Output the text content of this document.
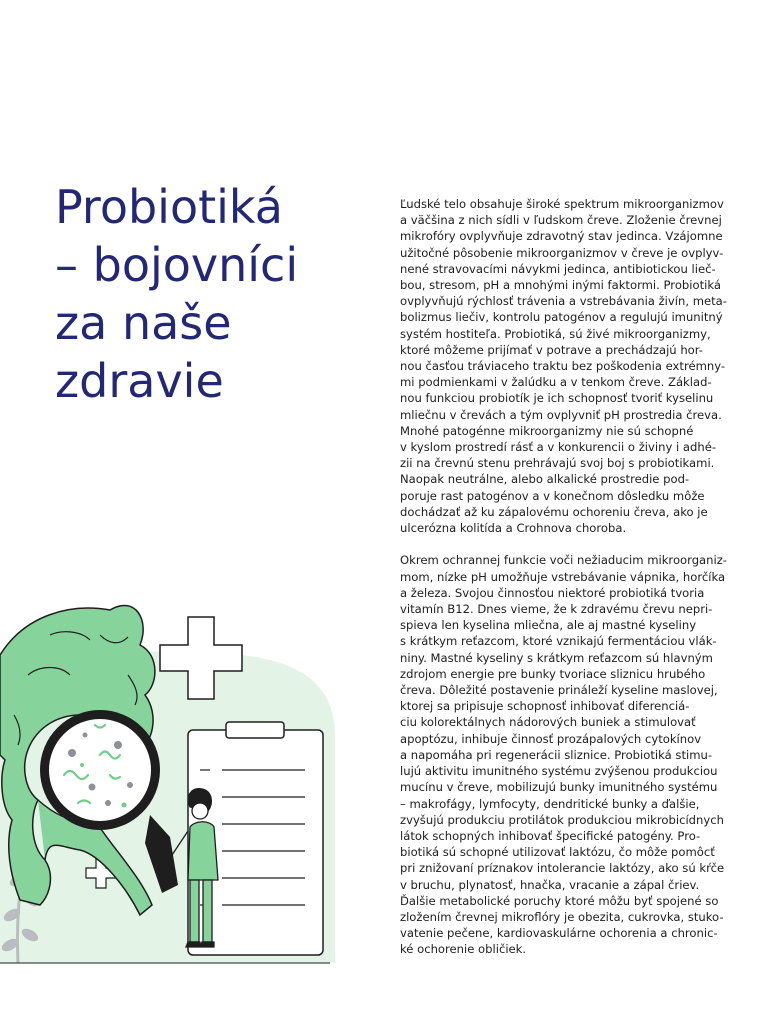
Probiotiká
– bojovníci
za naše
zdravie
Ľudské telo obsahuje široké spektrum mikroorganizmov
a väčšina z nich sídli v ľudskom čreve. Zloženie črevnej
mikrofóry ovplyvňuje zdravotný stav jedinca. Vzájomne
užitočné pôsobenie mikroorganizmov v čreve je ovplyv-
nené stravovacími návykmi jedinca, antibiotickou lieč-
bou, stresom, pH a mnohými inými faktormi. Probiotiká
ovplyvňujú rýchlosť trávenia a vstrebávania živín, meta-
bolizmus liečiv, kontrolu patogénov a regulujú imunitný
systém hostiteľa. Probiotiká, sú živé mikroorganizmy,
ktoré môžeme prijímať v potrave a prechádzajú hor-
nou časťou tráviaceho traktu bez poškodenia extrémny-
mi podmienkami v žalúdku a v tenkom čreve. Základ-
nou funkciou probiotík je ich schopnosť tvoriť kyselinu
mliečnu v črevách a tým ovplyvniť pH prostredia čreva.
Mnohé patogénne mikroorganizmy nie sú schopné
v kyslom prostredí rásť a v konkurencii o živiny i adhé-
zii na črevnú stenu prehrávajú svoj boj s probiotikami.
Naopak neutrálne, alebo alkalické prostredie pod-
poruje rast patogénov a v konečnom dôsledku môže
dochádzať až ku zápalovému ochoreniu čreva, ako je
ulcerózna kolitída a Crohnova choroba.
Okrem ochrannej funkcie voči nežiaducim mikroorganiz-
mom, nízke pH umožňuje vstrebávanie vápnika, horčíka
a železa. Svojou činnosťou niektoré probiotiká tvoria
vitamín B12. Dnes vieme, že k zdravému črevu nepri-
spieva len kyselina mliečna, ale aj mastné kyseliny
s krátkym reťazcom, ktoré vznikajú fermentáciou vlák-
niny. Mastné kyseliny s krátkym reťazcom sú hlavným
zdrojom energie pre bunky tvoriace sliznicu hrubého
čreva. Dôležité postavenie prináleží kyseline maslovej,
ktorej sa pripisuje schopnosť inhibovať diferenciá-
ciu kolorektálnych nádorových buniek a stimulovať
apoptózu, inhibuje činnosť prozápalových cytokínov
a napomáha pri regenerácii sliznice. Probiotiká stimu-
lujú aktivitu imunitného systému zvýšenou produkciou
mucínu v čreve, mobilizujú bunky imunitného systému
– makrofágy, lymfocyty, dendritické bunky a ďalšie,
zvyšujú produkciu protilátok produkciou mikrobicídnych
látok schopných inhibovať špecifické patogény. Pro-
biotiká sú schopné utilizovať laktózu, čo môže pomôcť
pri znižovaní príznakov intolerancie laktózy, ako sú kŕče
v bruchu, plynatosť, hnačka, vracanie a zápal čriev.
Ďalšie metabolické poruchy ktoré môžu byť spojené so
zložením črevnej mikroflóry je obezita, cukrovka, stuko-
vatenie pečene, kardiovaskulárne ochorenia a chronic-
ké ochorenie obličiek.
